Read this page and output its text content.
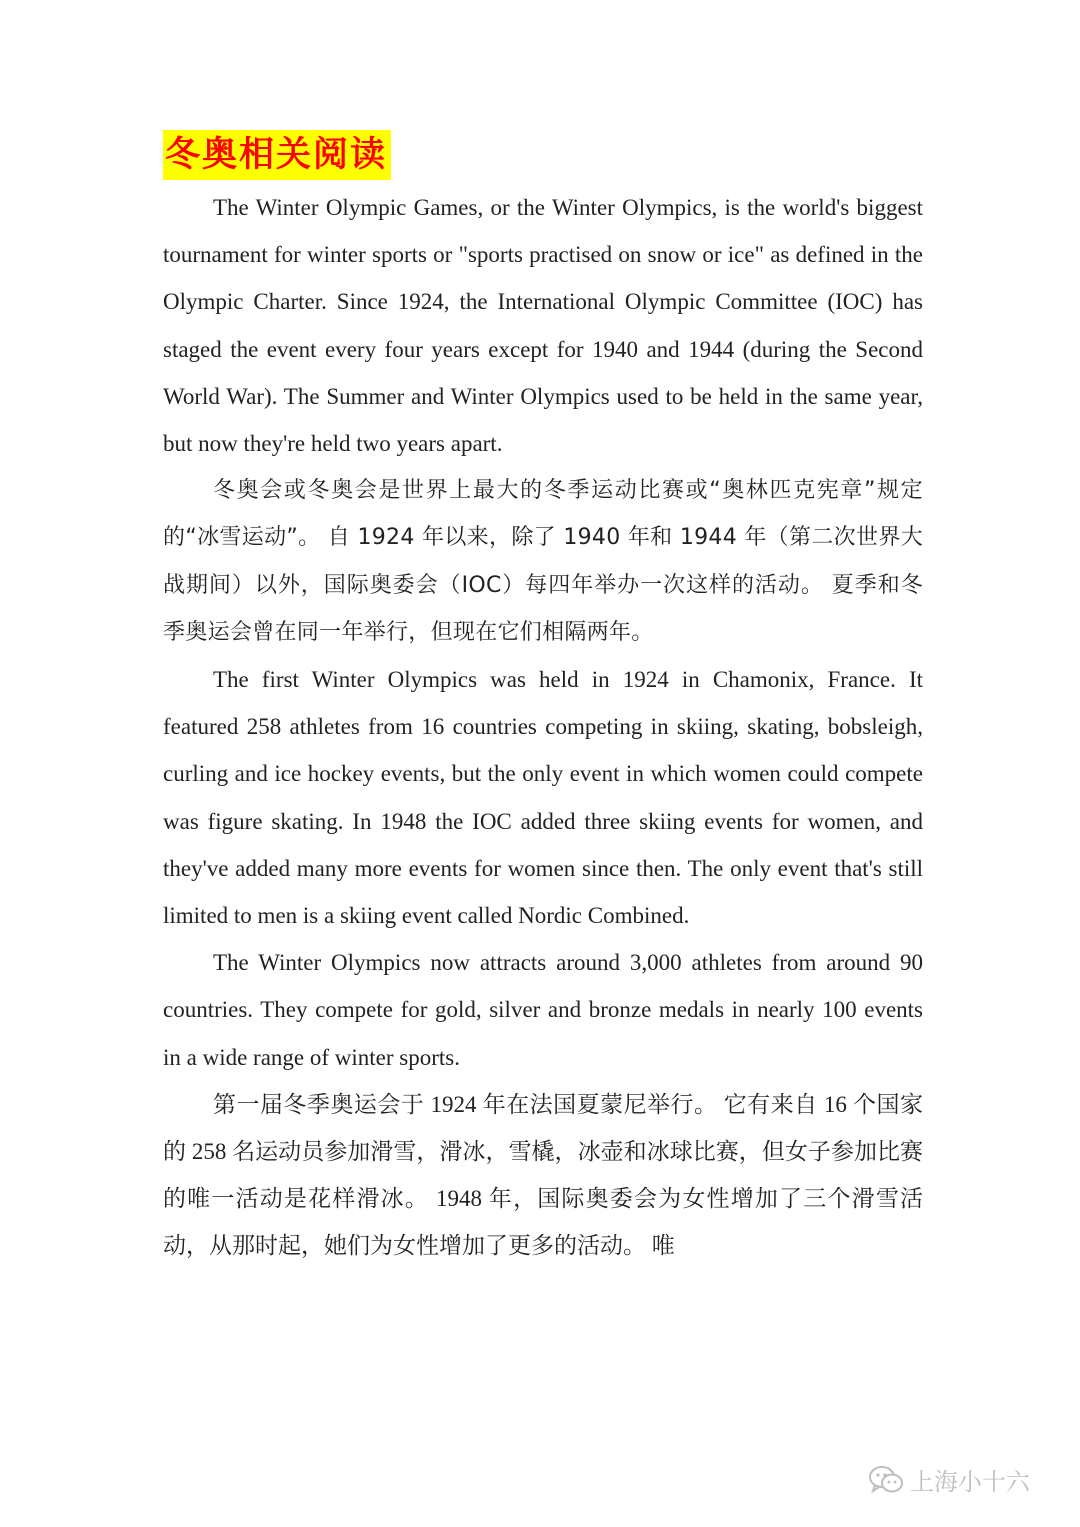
冬奥相关阅读

The Winter Olympic Games, or the Winter Olympics, is the world's biggest tournament for winter sports or "sports practised on snow or ice" as defined in the Olympic Charter. Since 1924, the International Olympic Committee (IOC) has staged the event every four years except for 1940 and 1944 (during the Second World War). The Summer and Winter Olympics used to be held in the same year, but now they're held two years apart.

冬奥会或冬奥会是世界上最大的冬季运动比赛或“奥林匹克宪章”规定的“冰雪运动”。 自 1924 年以来，除了 1940 年和 1944 年（第二次世界大战期间）以外，国际奥委会（IOC）每四年举办一次这样的活动。 夏季和冬季奥运会曾在同一年举行，但现在它们相隔两年。

The first Winter Olympics was held in 1924 in Chamonix, France. It featured 258 athletes from 16 countries competing in skiing, skating, bobsleigh, curling and ice hockey events, but the only event in which women could compete was figure skating. In 1948 the IOC added three skiing events for women, and they've added many more events for women since then. The only event that's still limited to men is a skiing event called Nordic Combined.

The Winter Olympics now attracts around 3,000 athletes from around 90 countries. They compete for gold, silver and bronze medals in nearly 100 events in a wide range of winter sports.

第一届冬季奥运会于 1924 年在法国夏蒙尼举行。 它有来自 16 个国家的 258 名运动员参加滑雪，滑冰，雪橇，冰壶和冰球比赛，但女子参加比赛的唯一活动是花样滑冰。 1948 年，国际奥委会为女性增加了三个滑雪活动，从那时起，她们为女性增加了更多的活动。 唯

上海小十六
